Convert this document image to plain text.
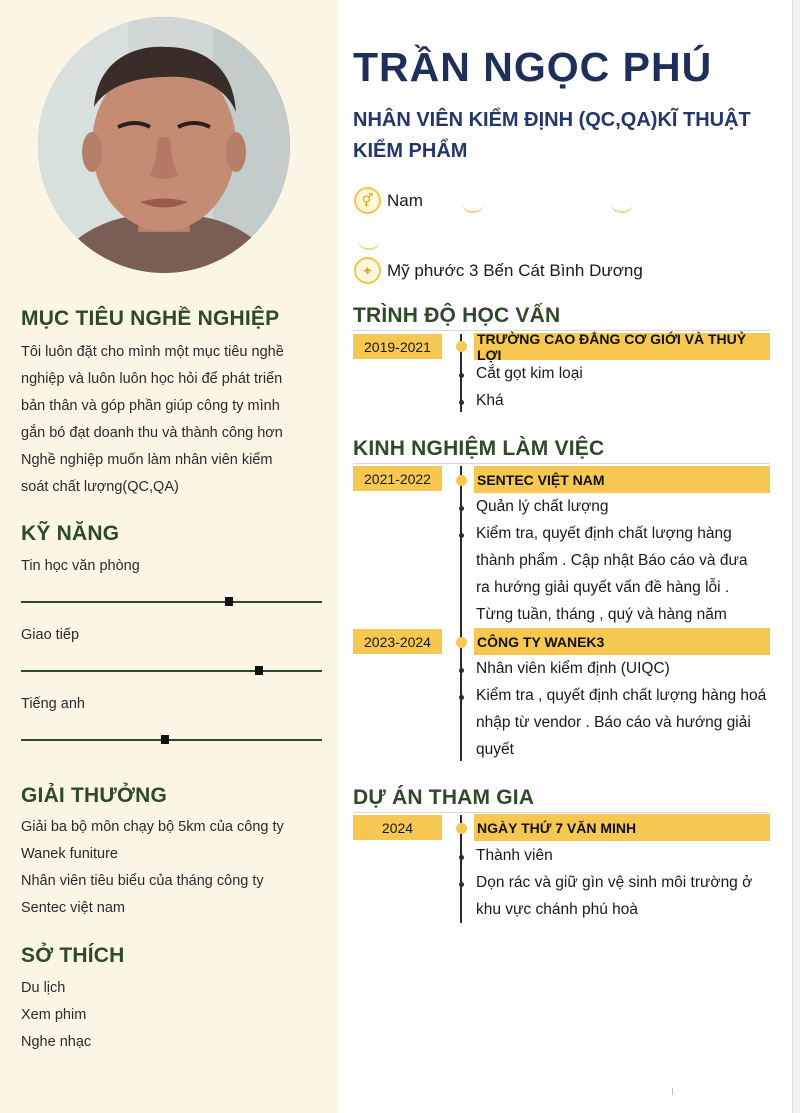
MỤC TIÊU NGHỀ NGHIỆP
Tôi luôn đặt cho mình một mục tiêu nghề
nghiệp và luôn luôn học hỏi để phát triển
bản thân và góp phần giúp công ty mình
gắn bó đạt doanh thu và thành công hơn
Nghề nghiệp muốn làm nhân viên kiểm
soát chất lượng(QC,QA)
KỸ NĂNG
Tin học văn phòng
Giao tiếp
Tiếng anh
GIẢI THƯỞNG
Giải ba bộ môn chạy bộ 5km của công ty
Wanek funiture
Nhân viên tiêu biểu của tháng công ty
Sentec việt nam
SỞ THÍCH
Du lịch
Xem phim
Nghe nhạc
TRẦN NGỌC PHÚ
NHÂN VIÊN KIỂM ĐỊNH (QC,QA)KĨ THUẬT
KIỂM PHẨM
⚥ Nam
⌖ Mỹ phước 3 Bến Cát Bình Dương
TRÌNH ĐỘ HỌC VẤN
2019-2021	TRƯỜNG CAO ĐẲNG CƠ GIỚI VÀ THUỶ LỢI
Cắt gọt kim loại
Khá
KINH NGHIỆM LÀM VIỆC
2021-2022	SENTEC VIỆT NAM
Quản lý chất lượng
Kiểm tra, quyết định chất lượng hàng
thành phẩm . Cập nhật Báo cáo và đưa
ra hướng giải quyết vấn đề hàng lỗi .
Từng tuần, tháng , quý và hàng năm
2023-2024	CÔNG TY WANEK3
Nhân viên kiểm định (UIQC)
Kiểm tra , quyết định chất lượng hàng hoá
nhập từ vendor . Báo cáo và hướng giải
quyết
DỰ ÁN THAM GIA
2024	NGÀY THỨ 7 VĂN MINH
Thành viên
Dọn rác và giữ gìn vệ sinh môi trường ở
khu vực chánh phú hoà
